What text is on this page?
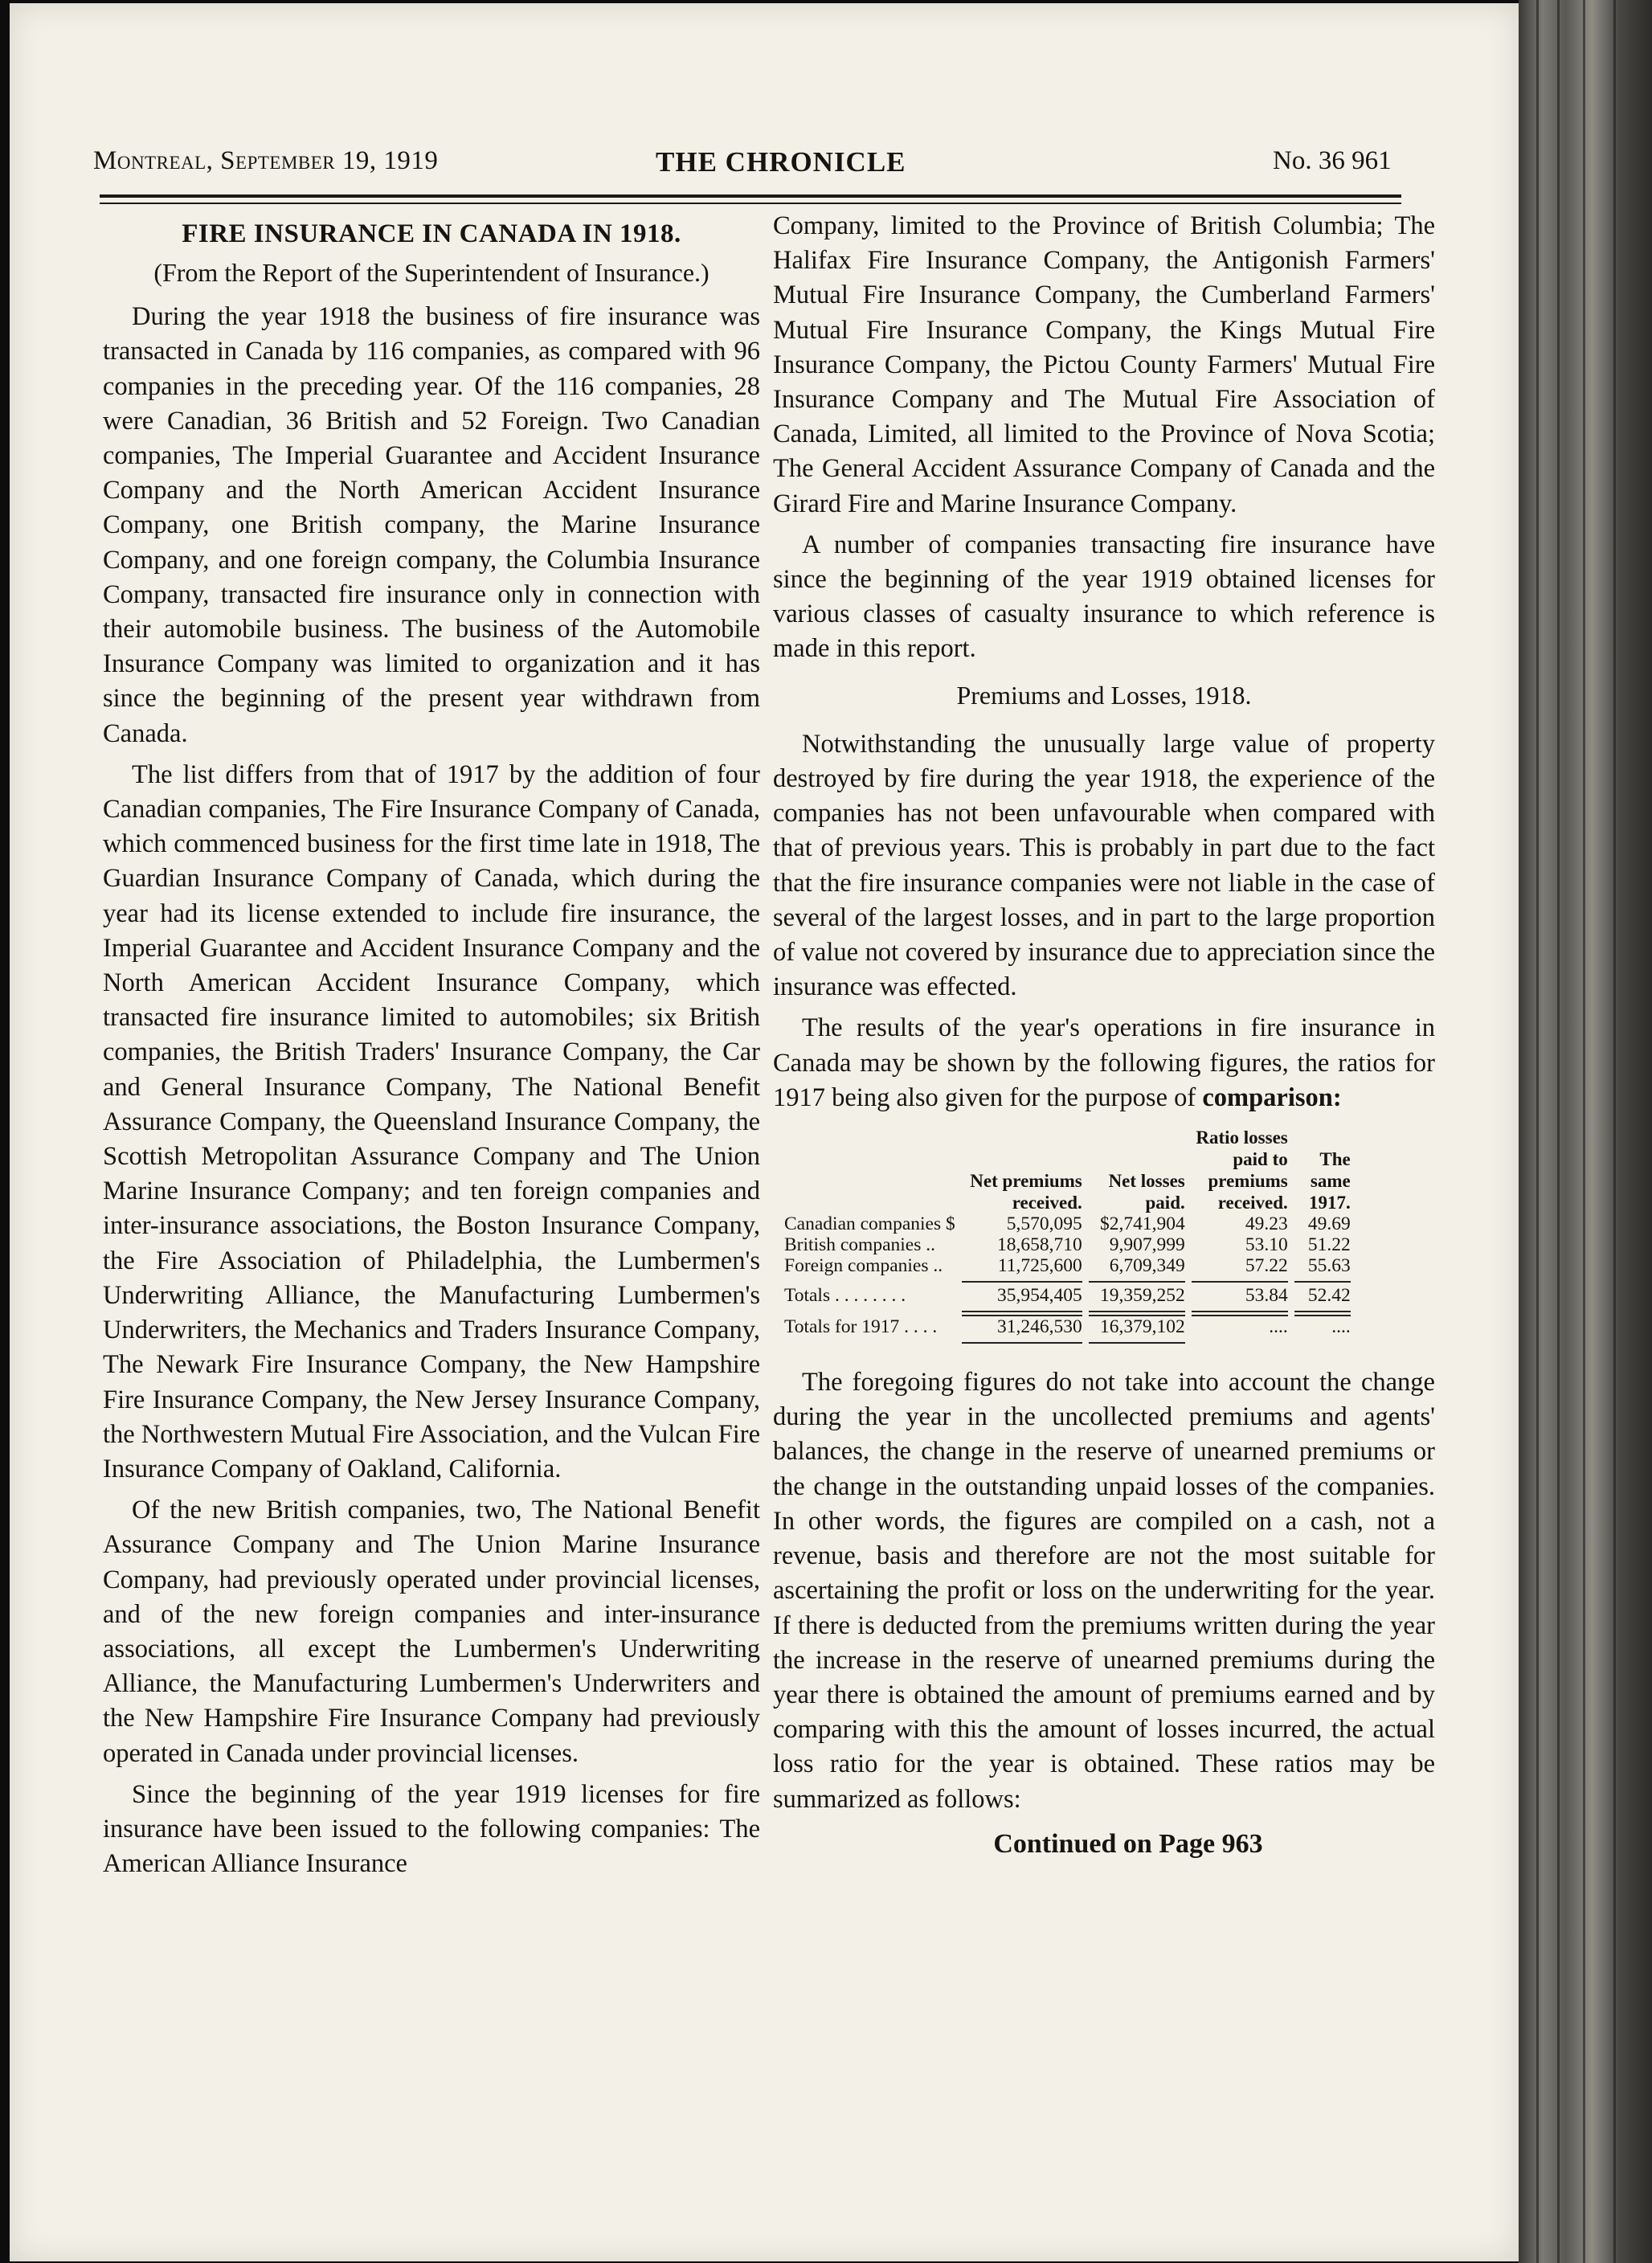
Montreal, September 19, 1919	THE CHRONICLE	No. 36 961
FIRE INSURANCE IN CANADA IN 1918.
(From the Report of the Superintendent of Insurance.)

During the year 1918 the business of fire insurance was transacted in Canada by 116 companies, as compared with 96 companies in the preceding year. Of the 116 companies, 28 were Canadian, 36 British and 52 Foreign. Two Canadian companies, The Imperial Guarantee and Accident Insurance Company and the North American Accident Insurance Company, one British company, the Marine Insurance Company, and one foreign company, the Columbia Insurance Company, transacted fire insurance only in connection with their automobile business. The business of the Automobile Insurance Company was limited to organization and it has since the beginning of the present year withdrawn from Canada.

The list differs from that of 1917 by the addition of four Canadian companies, The Fire Insurance Company of Canada, which commenced business for the first time late in 1918, The Guardian Insurance Company of Canada, which during the year had its license extended to include fire insurance, the Imperial Guarantee and Accident Insurance Company and the North American Accident Insurance Company, which transacted fire insurance limited to automobiles; six British companies, the British Traders' Insurance Company, the Car and General Insurance Company, The National Benefit Assurance Company, the Queensland Insurance Company, the Scottish Metropolitan Assurance Company and The Union Marine Insurance Company; and ten foreign companies and inter-insurance associations, the Boston Insurance Company, the Fire Association of Philadelphia, the Lumbermen's Underwriting Alliance, the Manufacturing Lumbermen's Underwriters, the Mechanics and Traders Insurance Company, The Newark Fire Insurance Company, the New Hampshire Fire Insurance Company, the New Jersey Insurance Company, the Northwestern Mutual Fire Association, and the Vulcan Fire Insurance Company of Oakland, California.

Of the new British companies, two, The National Benefit Assurance Company and The Union Marine Insurance Company, had previously operated under provincial licenses, and of the new foreign companies and inter-insurance associations, all except the Lumbermen's Underwriting Alliance, the Manufacturing Lumbermen's Underwriters and the New Hampshire Fire Insurance Company had previously operated in Canada under provincial licenses.

Since the beginning of the year 1919 licenses for fire insurance have been issued to the following companies: The American Alliance Insurance

Company, limited to the Province of British Columbia; The Halifax Fire Insurance Company, the Antigonish Farmers' Mutual Fire Insurance Company, the Cumberland Farmers' Mutual Fire Insurance Company, the Kings Mutual Fire Insurance Company, the Pictou County Farmers' Mutual Fire Insurance Company and The Mutual Fire Association of Canada, Limited, all limited to the Province of Nova Scotia; The General Accident Assurance Company of Canada and the Girard Fire and Marine Insurance Company.

A number of companies transacting fire insurance have since the beginning of the year 1919 obtained licenses for various classes of casualty insurance to which reference is made in this report.

Premiums and Losses, 1918.

Notwithstanding the unusually large value of property destroyed by fire during the year 1918, the experience of the companies has not been unfavourable when compared with that of previous years. This is probably in part due to the fact that the fire insurance companies were not liable in the case of several of the largest losses, and in part to the large proportion of value not covered by insurance due to appreciation since the insurance was effected.

The results of the year's operations in fire insurance in Canada may be shown by the following figures, the ratios for 1917 being also given for the purpose of comparison:

	Net premiums received.	Net losses paid.	Ratio losses paid to premiums received.	The same 1917.
Canadian companies $	5,570,095	$2,741,904	49.23	49.69
British companies ..	18,658,710	9,907,999	53.10	51.22
Foreign companies ..	11,725,600	6,709,349	57.22	55.63

Totals . . . . . . . .	35,954,405	19,359,252	53.84	52.42

Totals for 1917 . . . .	31,246,530	16,379,102	....	....

The foregoing figures do not take into account the change during the year in the uncollected premiums and agents' balances, the change in the reserve of unearned premiums or the change in the outstanding unpaid losses of the companies. In other words, the figures are compiled on a cash, not a revenue, basis and therefore are not the most suitable for ascertaining the profit or loss on the underwriting for the year. If there is deducted from the premiums written during the year the increase in the reserve of unearned premiums during the year there is obtained the amount of premiums earned and by comparing with this the amount of losses incurred, the actual loss ratio for the year is obtained. These ratios may be summarized as follows:

Continued on Page 963
